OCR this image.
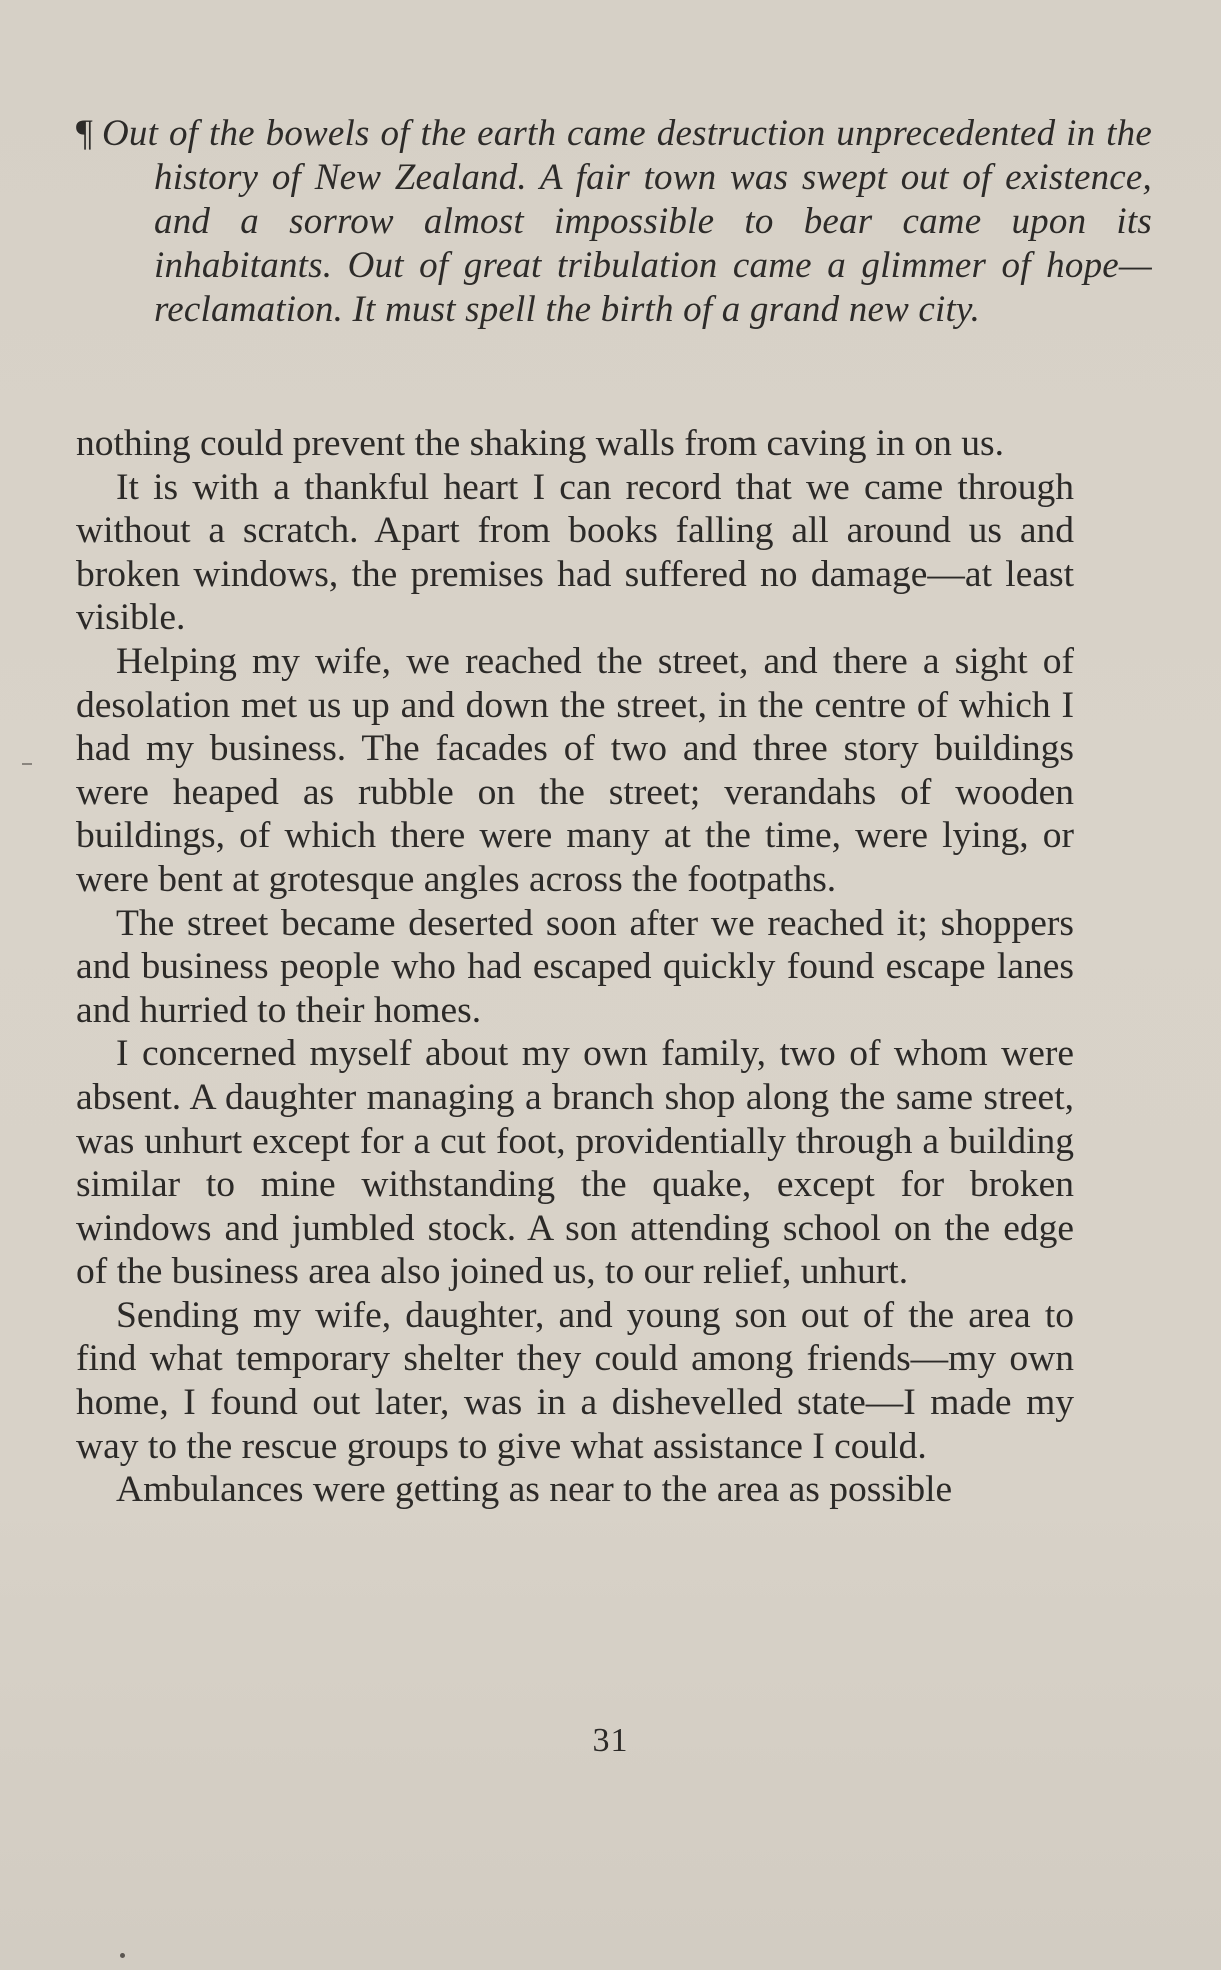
¶ Out of the bowels of the earth came destruction unprecedented in the history of New Zealand. A fair town was swept out of existence, and a sorrow almost impossible to bear came upon its inhabitants. Out of great tribulation came a glimmer of hope—reclamation. It must spell the birth of a grand new city.

nothing could prevent the shaking walls from caving in on us.

It is with a thankful heart I can record that we came through without a scratch. Apart from books falling all around us and broken windows, the premises had suffered no damage—at least visible.

Helping my wife, we reached the street, and there a sight of desolation met us up and down the street, in the centre of which I had my business. The facades of two and three story buildings were heaped as rubble on the street; verandahs of wooden buildings, of which there were many at the time, were lying, or were bent at grotesque angles across the footpaths.

The street became deserted soon after we reached it; shoppers and business people who had escaped quickly found escape lanes and hurried to their homes.

I concerned myself about my own family, two of whom were absent. A daughter managing a branch shop along the same street, was unhurt except for a cut foot, providentially through a building similar to mine withstanding the quake, except for broken windows and jumbled stock. A son attending school on the edge of the business area also joined us, to our relief, unhurt.

Sending my wife, daughter, and young son out of the area to find what temporary shelter they could among friends—my own home, I found out later, was in a dishevelled state—I made my way to the rescue groups to give what assistance I could.

Ambulances were getting as near to the area as possible

31
